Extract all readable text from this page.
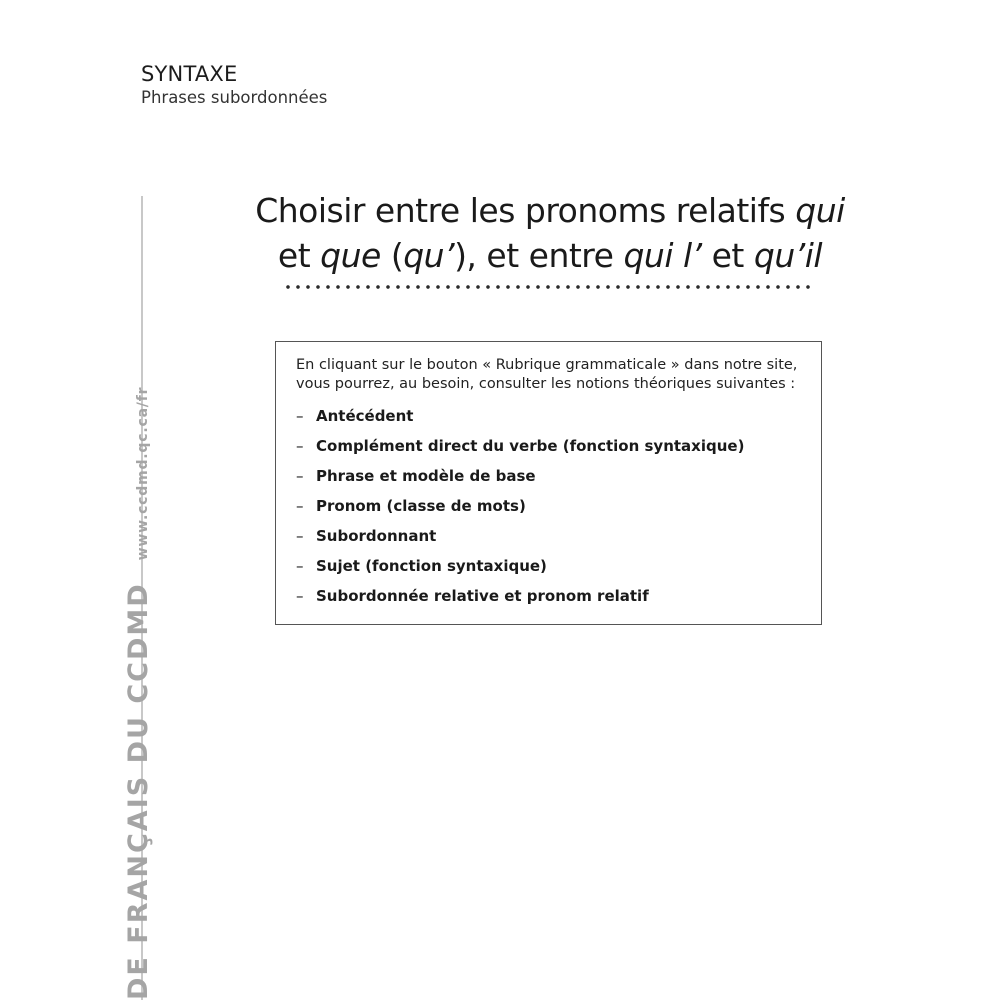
SYNTAXE
Phrases subordonnées
DE FRANÇAIS DU CCDMDwww.ccdmd.qc.ca/fr
Choisir entre les pronoms relatifs qui
et que (qu’), et entre qui l’ et qu’il
En cliquant sur le bouton « Rubrique grammaticale » dans notre site, vous pourrez, au besoin, consulter les notions théoriques suivantes :
– Antécédent
– Complément direct du verbe (fonction syntaxique)
– Phrase et modèle de base
– Pronom (classe de mots)
– Subordonnant
– Sujet (fonction syntaxique)
– Subordonnée relative et pronom relatif
